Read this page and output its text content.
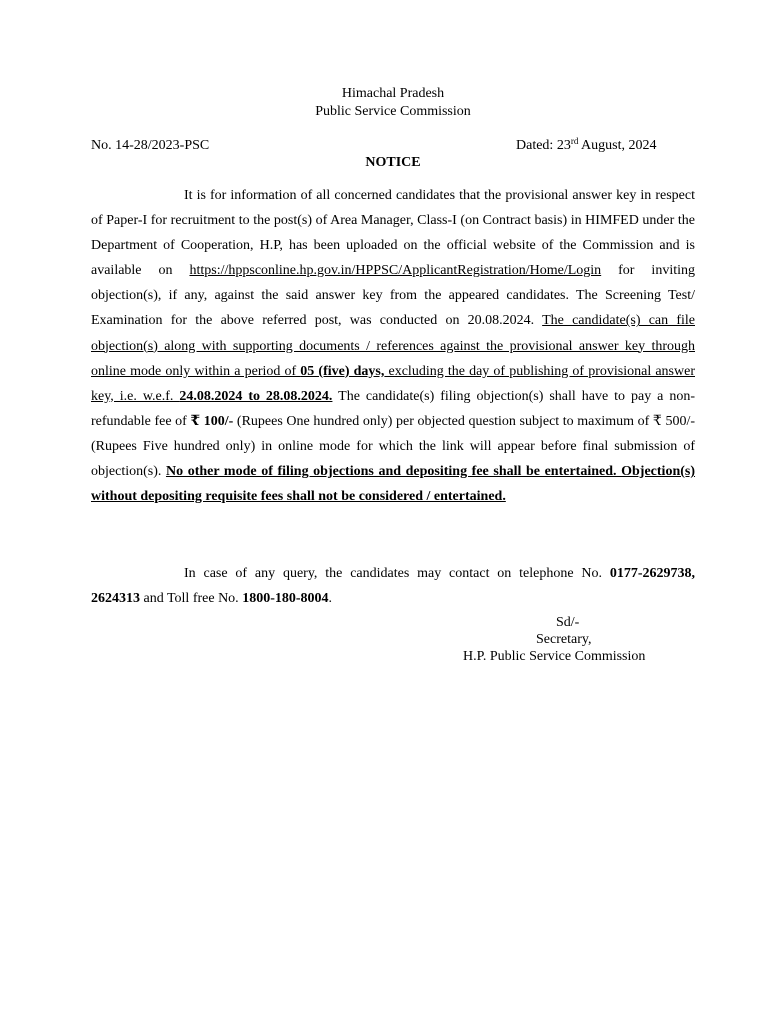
Himachal Pradesh
Public Service Commission
No. 14-28/2023-PSC	Dated: 23rd August, 2024
NOTICE

It is for information of all concerned candidates that the provisional answer key in respect of Paper-I for recruitment to the post(s) of Area Manager, Class-I (on Contract basis) in HIMFED under the Department of Cooperation, H.P, has been uploaded on the official website of the Commission and is available on https://hppsconline.hp.gov.in/HPPSC/ApplicantRegistration/Home/Login for inviting objection(s), if any, against the said answer key from the appeared candidates. The Screening Test/ Examination for the above referred post, was conducted on 20.08.2024. The candidate(s) can file objection(s) along with supporting documents / references against the provisional answer key through online mode only within a period of 05 (five) days, excluding the day of publishing of provisional answer key, i.e. w.e.f. 24.08.2024 to 28.08.2024. The candidate(s) filing objection(s) shall have to pay a non-refundable fee of ₹ 100/- (Rupees One hundred only) per objected question subject to maximum of ₹ 500/- (Rupees Five hundred only) in online mode for which the link will appear before final submission of objection(s). No other mode of filing objections and depositing fee shall be entertained. Objection(s) without depositing requisite fees shall not be considered / entertained.

In case of any query, the candidates may contact on telephone No. 0177-2629738, 2624313 and Toll free No. 1800-180-8004.

Sd/-
Secretary,
H.P. Public Service Commission
